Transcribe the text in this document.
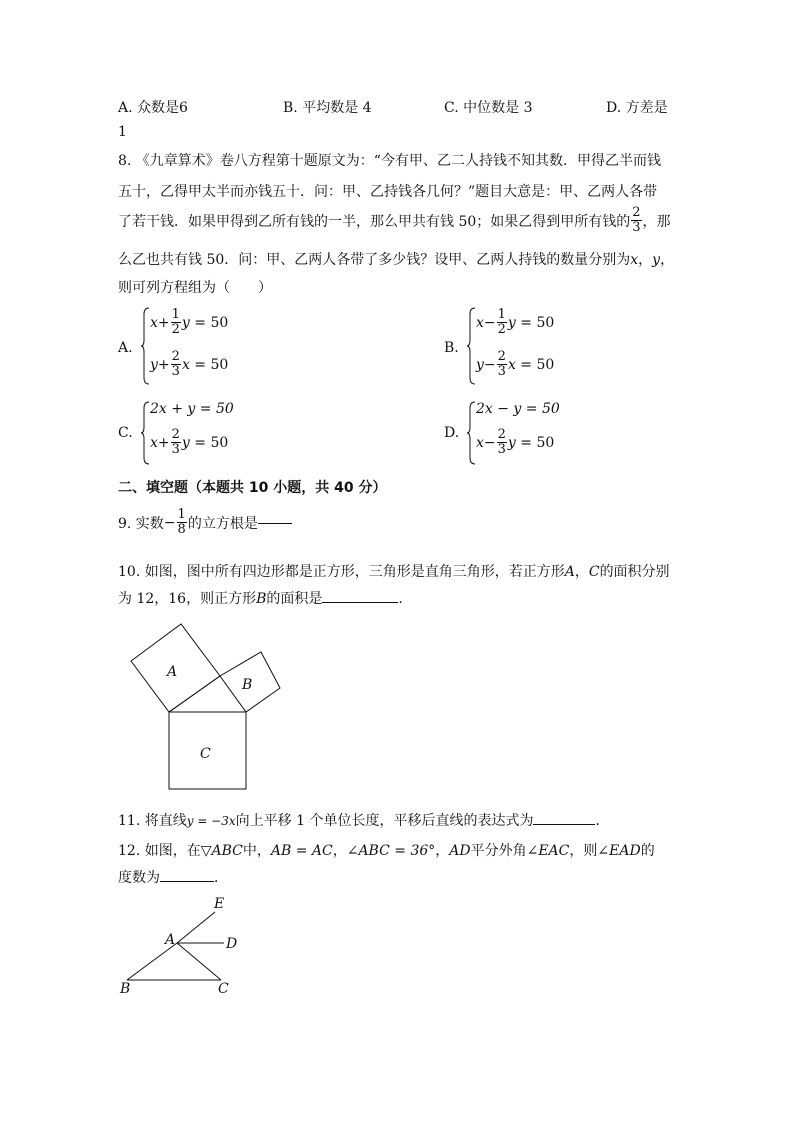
A. 众数是6	B. 平均数是 4	C. 中位数是 3	D. 方差是
1
8. 《九章算术》卷八方程第十题原文为：“今有甲、乙二人持钱不知其数．甲得乙半而钱
五十，乙得甲太半而亦钱五十．问：甲、乙持钱各几何？”题目大意是：甲、乙两人各带
了若干钱．如果甲得到乙所有钱的一半，那么甲共有钱 50；如果乙得到甲所有钱的 $\frac{2}{3}$ ，那
么乙也共有钱 50．问：甲、乙两人各带了多少钱？设甲、乙两人持钱的数量分别为x，y，
则可列方程组为（　　）
A.
$x + \frac{1}{2}$ y
= 50
$y + \frac{2}{3}$ x
= 50
B.
$x - \frac{1}{2}$ y
= 50
$y - \frac{2}{3}$ x
= 50
C.
2x + y = 50
$x + \frac{2}{3}$ y
= 50
D.
2x − y = 50
$x - \frac{2}{3}$ y
= 50
二、填空题（本题共 10 小题，共 40 分）
9. 实数 − $\frac{1}{8}$ 的立方根是
10. 如图，图中所有四边形都是正方形，三角形是直角三角形，若正方形A，C的面积分别
为 12，16，则正方形B的面积是	．
A
B
C
11. 将直线y = −3x向上平移 1 个单位长度，平移后直线的表达式为	．
12. 如图，在▽ABC中，AB = AC，∠ABC = 36°，AD平分外角∠EAC，则∠EAD的
度数为	．
E
A	D
B	C
